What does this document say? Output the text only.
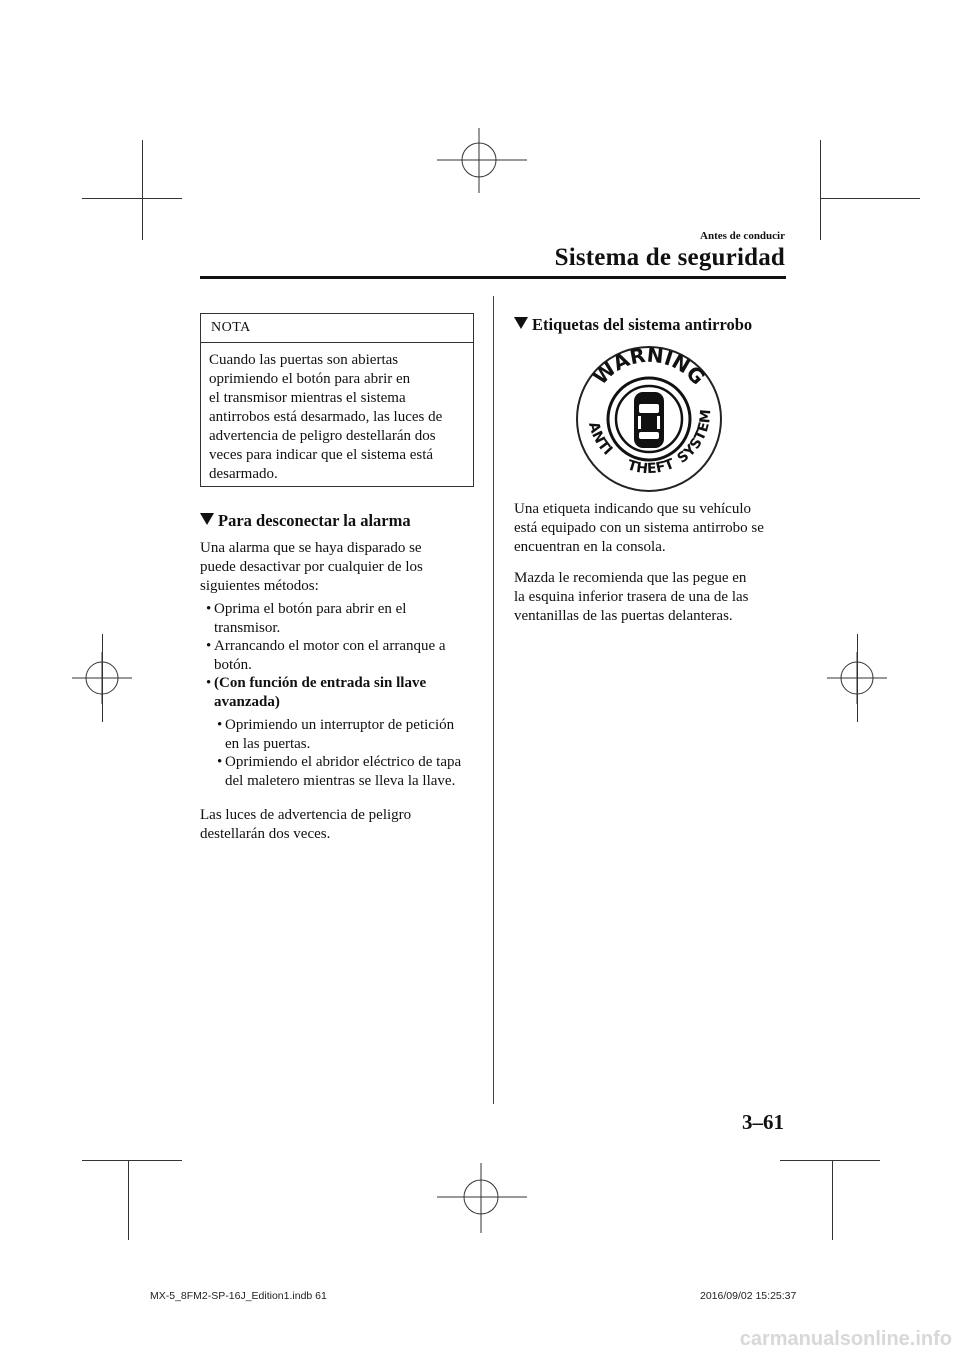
Antes de conducir
Sistema de seguridad
NOTA
Cuando las puertas son abiertas
oprimiendo el botón para abrir en
el transmisor mientras el sistema
antirrobos está desarmado, las luces de
advertencia de peligro destellarán dos
veces para indicar que el sistema está
desarmado.
Para desconectar la alarma
Una alarma que se haya disparado se
puede desactivar por cualquier de los
siguientes métodos:
• Oprima el botón para abrir en el
transmisor.
• Arrancando el motor con el arranque a
botón.
• (Con función de entrada sin llave
avanzada)
• Oprimiendo un interruptor de petición
en las puertas.
• Oprimiendo el abridor eléctrico de tapa
del maletero mientras se lleva la llave.
Las luces de advertencia de peligro
destellarán dos veces.
Etiquetas del sistema antirrobo
WARNING
ANTI
THEFT
SYSTEM
Una etiqueta indicando que su vehículo
está equipado con un sistema antirrobo se
encuentran en la consola.
Mazda le recomienda que las pegue en
la esquina inferior trasera de una de las
ventanillas de las puertas delanteras.
3–61
MX-5_8FM2-SP-16J_Edition1.indb 61	2016/09/02 15:25:37
carmanualsonline.info
